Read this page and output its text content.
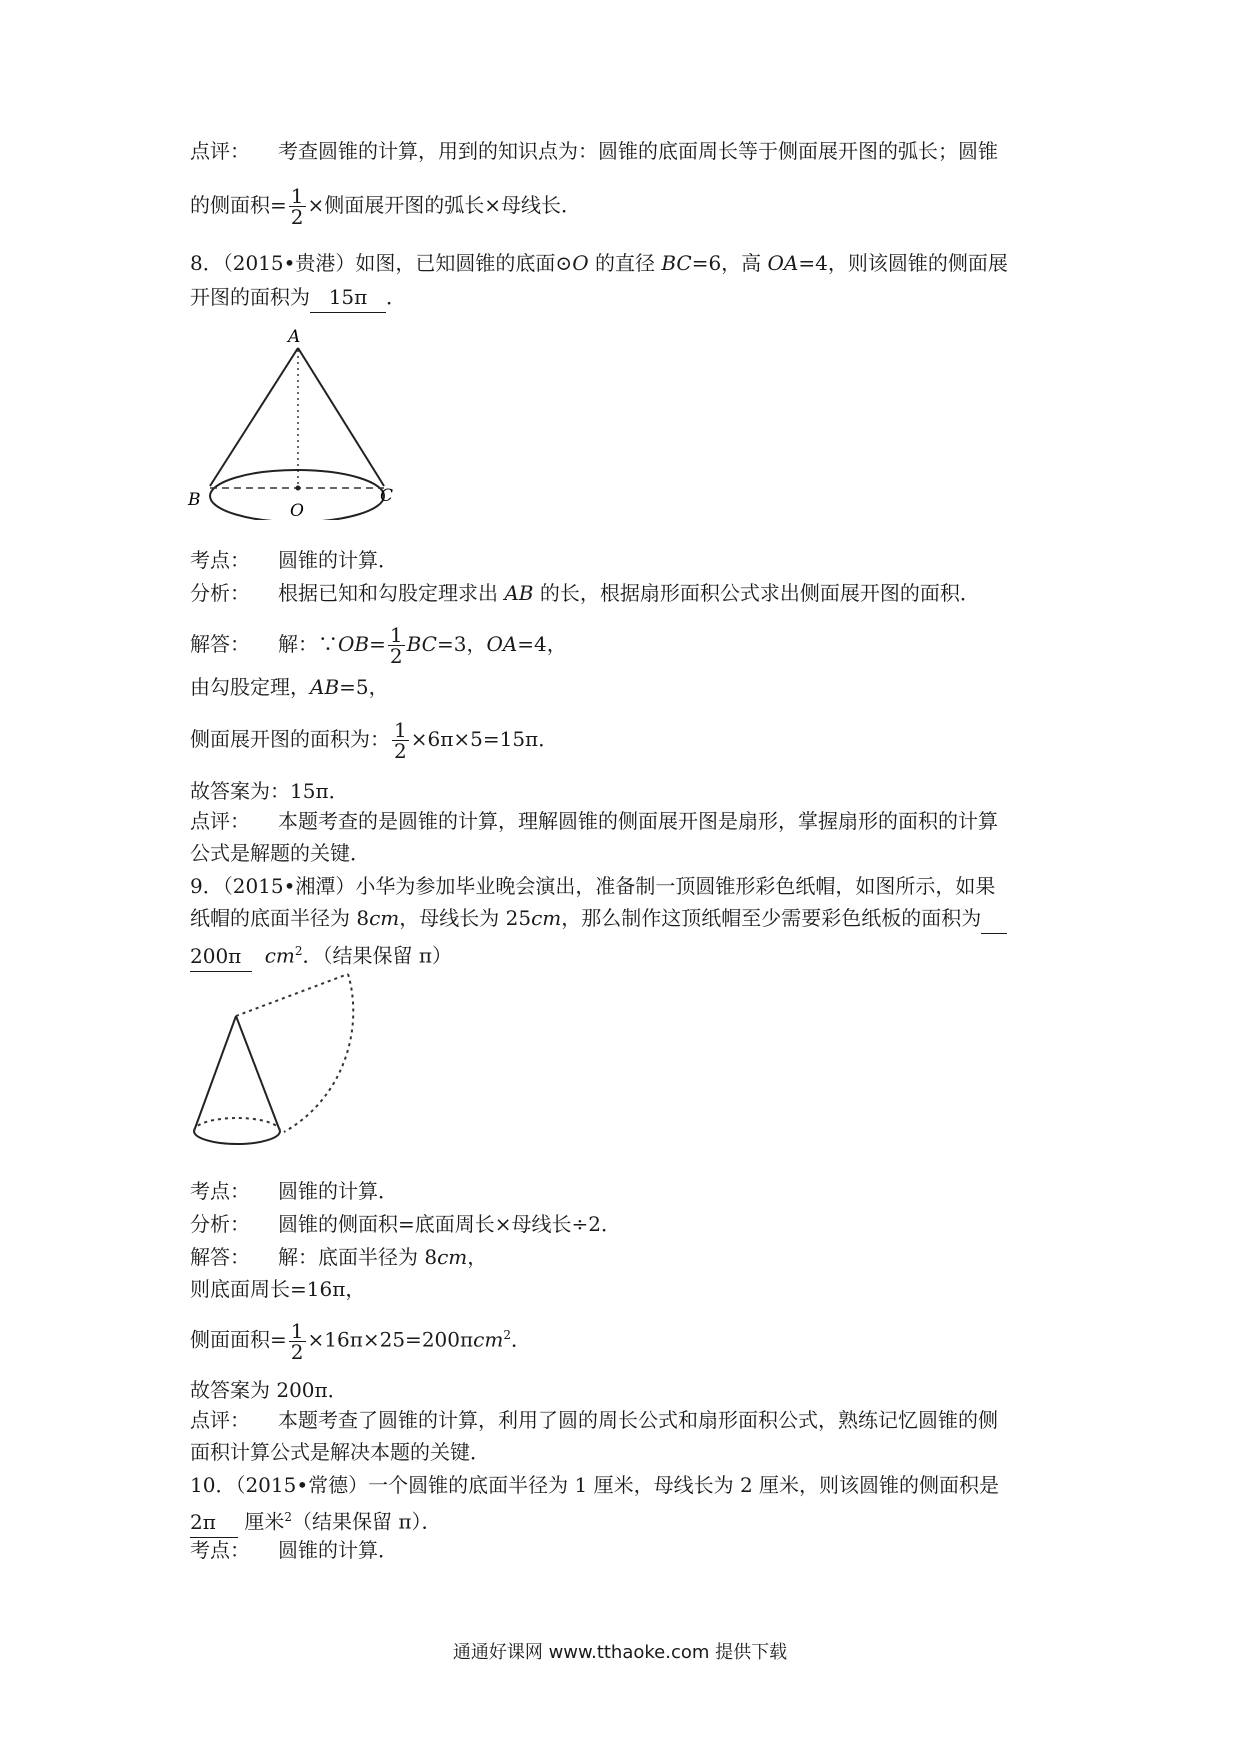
点评： 考查圆锥的计算，用到的知识点为：圆锥的底面周长等于侧面展开图的弧长；圆锥
的侧面积= $\frac{1}{2}$ ×侧面展开图的弧长×母线长．
8．（2015•贵港）如图，已知圆锥的底面⊙O 的直径 BC=6，高 OA=4，则该圆锥的侧面展
开图的面积为 15π ．
A
B	C
O
考点： 圆锥的计算．
分析： 根据已知和勾股定理求出 AB 的长，根据扇形面积公式求出侧面展开图的面积．
解答： 解：∵OB= $\frac{1}{2} BC=3$，OA=4，
由勾股定理，AB=5，
侧面展开图的面积为： $\frac{1}{2} \times 6\pi\times 5=15\pi$．
故答案为：15π．
点评： 本题考查的是圆锥的计算，理解圆锥的侧面展开图是扇形，掌握扇形的面积的计算
公式是解题的关键．
9．（2015•湘潭）小华为参加毕业晚会演出，准备制一顶圆锥形彩色纸帽，如图所示，如果
纸帽的底面半径为 8cm，母线长为 25cm，那么制作这顶纸帽至少需要彩色纸板的面积为
200π $cm^2$．（结果保留 π）
考点： 圆锥的计算．
分析： 圆锥的侧面积=底面周长×母线长÷2．
解答： 解：底面半径为 8cm，
则底面周长=16π，
侧面面积= $\frac{1}{2} \times 16\pi\times 25=200\pi cm^2$．
故答案为 200π．
点评： 本题考查了圆锥的计算，利用了圆的周长公式和扇形面积公式，熟练记忆圆锥的侧
面积计算公式是解决本题的关键．
10．（2015•常德）一个圆锥的底面半径为 1 厘米，母线长为 2 厘米，则该圆锥的侧面积是
2π 厘米$^2$（结果保留 π）．
考点： 圆锥的计算．
通通好课网 www.tthaoke.com 提供下载
